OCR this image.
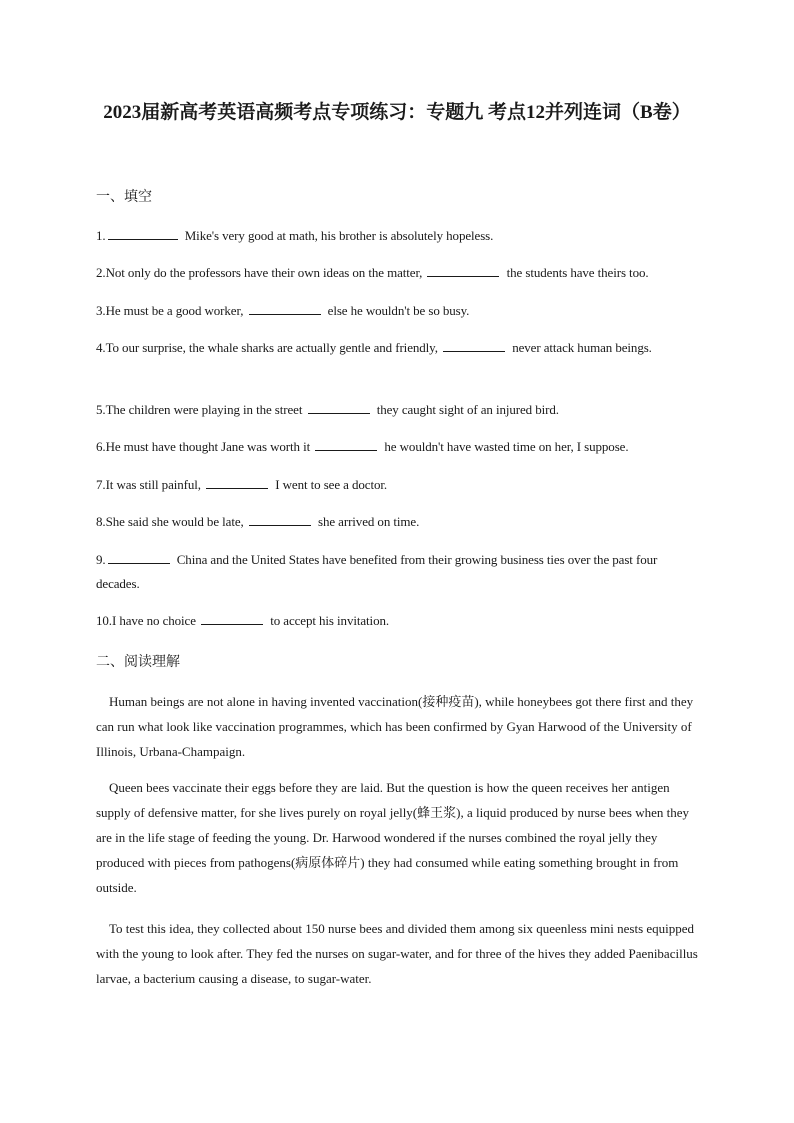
2023届新高考英语高频考点专项练习：专题九 考点12并列连词（B卷）
一、填空
1.	Mike's very good at math, his brother is absolutely hopeless.
2.Not only do the professors have their own ideas on the matter,	the students have theirs too.
3.He must be a good worker,	else he wouldn't be so busy.
4.To our surprise, the whale sharks are actually gentle and friendly,	never attack human beings.
5.The children were playing in the street	they caught sight of an injured bird.
6.He must have thought Jane was worth it	he wouldn't have wasted time on her, I suppose.
7.It was still painful,	I went to see a doctor.
8.She said she would be late,	she arrived on time.
9.	China and the United States have benefited from their growing business ties over the past four decades.
10.I have no choice	to accept his invitation.
二、阅读理解
Human beings are not alone in having invented vaccination(接种疫苗), while honeybees got there first and they can run what look like vaccination programmes, which has been confirmed by Gyan Harwood of the University of Illinois, Urbana-Champaign.
Queen bees vaccinate their eggs before they are laid. But the question is how the queen receives her antigen supply of defensive matter, for she lives purely on royal jelly(蜂王浆), a liquid produced by nurse bees when they are in the life stage of feeding the young. Dr. Harwood wondered if the nurses combined the royal jelly they produced with pieces from pathogens(病原体碎片) they had consumed while eating something brought in from outside.
To test this idea, they collected about 150 nurse bees and divided them among six queenless mini nests equipped with the young to look after. They fed the nurses on sugar-water, and for three of the hives they added Paenibacillus larvae, a bacterium causing a disease, to sugar-water.
